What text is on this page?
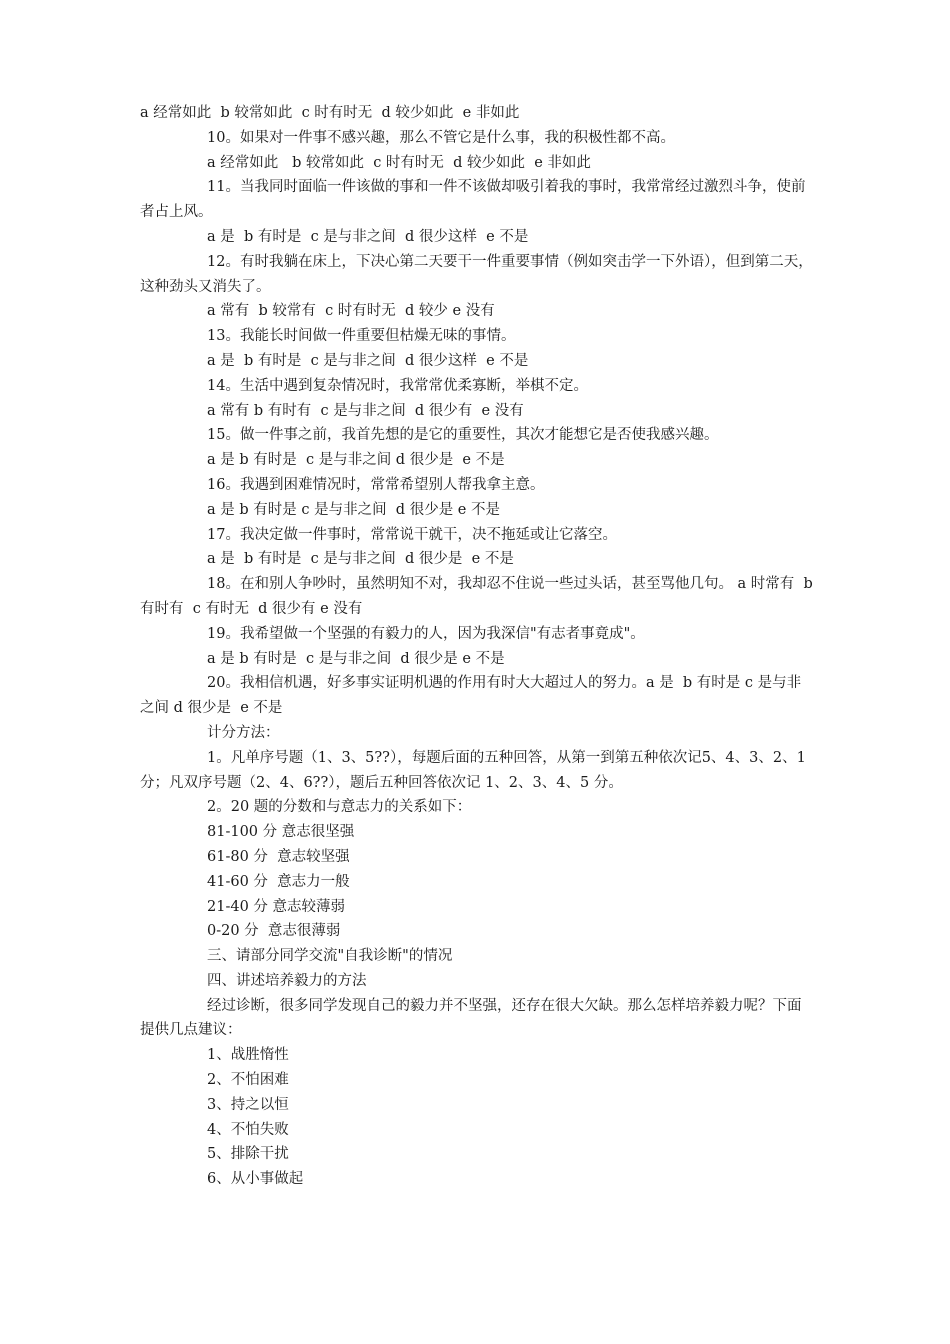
a 经常如此  b 较常如此  c 时有时无  d 较少如此  e 非如此

10。如果对一件事不感兴趣，那么不管它是什么事，我的积极性都不高。

a 经常如此   b 较常如此  c 时有时无  d 较少如此  e 非如此

11。当我同时面临一件该做的事和一件不该做却吸引着我的事时，我常常经过激烈斗争，使前者占上风。

a 是  b 有时是  c 是与非之间  d 很少这样  e 不是

12。有时我躺在床上，下决心第二天要干一件重要事情（例如突击学一下外语），但到第二天，这种劲头又消失了。

a 常有  b 较常有  c 时有时无  d 较少 e 没有

13。我能长时间做一件重要但枯燥无味的事情。

a 是  b 有时是  c 是与非之间  d 很少这样  e 不是

14。生活中遇到复杂情况时，我常常优柔寡断，举棋不定。

a 常有 b 有时有  c 是与非之间  d 很少有  e 没有

15。做一件事之前，我首先想的是它的重要性，其次才能想它是否使我感兴趣。

a 是 b 有时是  c 是与非之间 d 很少是  e 不是

16。我遇到困难情况时，常常希望别人帮我拿主意。

a 是 b 有时是 c 是与非之间  d 很少是 e 不是

17。我决定做一件事时，常常说干就干，决不拖延或让它落空。

a 是  b 有时是  c 是与非之间  d 很少是  e 不是

18。在和别人争吵时，虽然明知不对，我却忍不住说一些过头话，甚至骂他几句。 a 时常有  b 有时有  c 有时无  d 很少有 e 没有

19。我希望做一个坚强的有毅力的人，因为我深信"有志者事竟成"。

a 是 b 有时是  c 是与非之间  d 很少是 e 不是

20。我相信机遇，好多事实证明机遇的作用有时大大超过人的努力。a 是  b 有时是 c 是与非之间 d 很少是  e 不是

计分方法：

1。凡单序号题（1、3、5??），每题后面的五种回答，从第一到第五种依次记5、4、3、2、1 分；凡双序号题（2、4、6??），题后五种回答依次记 1、2、3、4、5 分。

2。20 题的分数和与意志力的关系如下：

81-100 分 意志很坚强

61-80 分  意志较坚强

41-60 分  意志力一般

21-40 分 意志较薄弱

0-20 分  意志很薄弱

三、请部分同学交流"自我诊断"的情况

四、讲述培养毅力的方法

经过诊断，很多同学发现自己的毅力并不坚强，还存在很大欠缺。那么怎样培养毅力呢？下面提供几点建议：

1、战胜惰性

2、不怕困难

3、持之以恒

4、不怕失败

5、排除干扰

6、从小事做起
